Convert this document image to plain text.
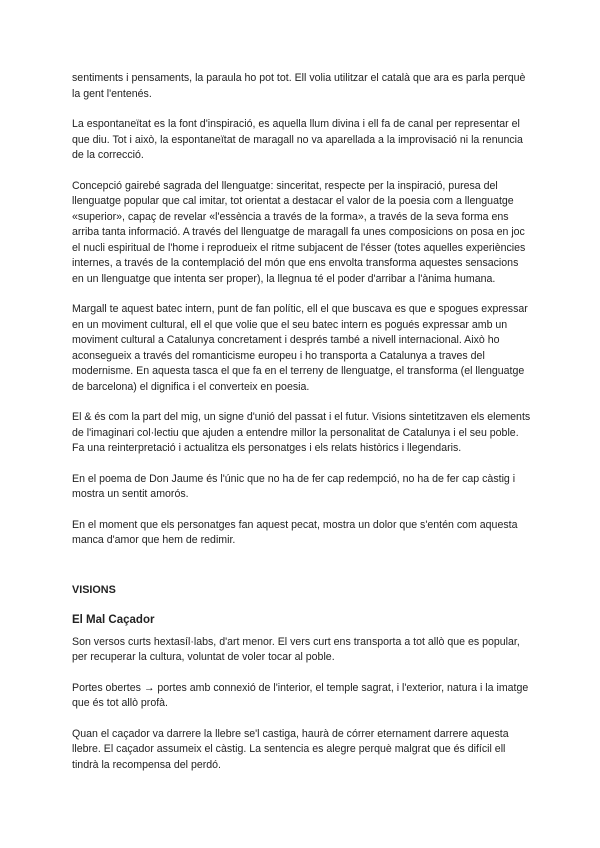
sentiments i pensaments, la paraula ho pot tot. Ell volia utilitzar el català que ara es parla perquè la gent l'entenés.

La espontaneïtat es la font d'inspiració, es aquella llum divina i ell fa de canal per representar el que diu. Tot i això, la espontaneïtat de maragall no va aparellada a la improvisació ni la renuncia de la correcció.

Concepció gairebé sagrada del llenguatge: sinceritat, respecte per la inspiració, puresa del llenguatge popular que cal imitar, tot orientat a destacar el valor de la poesia com a llenguatge «superior», capaç de revelar «l'essència a través de la forma», a través de la seva forma ens arriba tanta informació. A través del llenguatge de maragall fa unes composicions on posa en joc el nucli espiritual de l'home i reprodueix el ritme subjacent de l'ésser (totes aquelles experiències internes, a través de la contemplació del món que ens envolta transforma aquestes sensacions en un llenguatge que intenta ser proper), la llegnua té el poder d'arribar a l'ànima humana.

Margall te aquest batec intern, punt de fan polític, ell el que buscava es que e spogues expressar en un moviment cultural, ell el que volie que el seu batec intern es pogués expressar amb un moviment cultural a Catalunya concretament i després també a nivell internacional. Això ho aconsegueix a través del romanticisme europeu i ho transporta a Catalunya a traves del modernisme. En aquesta tasca el que fa en el terreny de llenguatge, el transforma (el llenguatge de barcelona) el dignifica i el converteix en poesia.

El & és com la part del mig, un signe d'unió del passat i el futur. Visions sintetitzaven els elements de l'imaginari col·lectiu que ajuden a entendre millor la personalitat de Catalunya i el seu poble. Fa una reinterpretació i actualitza els personatges i els relats històrics i llegendaris.

En el poema de Don Jaume és l'únic que no ha de fer cap redempció, no ha de fer cap càstig i mostra un sentit amorós.

En el moment que els personatges fan aquest pecat, mostra un dolor que s'entén com aquesta manca d'amor que hem de redimir.

VISIONS

El Mal Caçador

Son versos curts hextasíl·labs, d'art menor. El vers curt ens transporta a tot allò que es popular, per recuperar la cultura, voluntat de voler tocar al poble.

Portes obertes → portes amb connexió de l'interior, el temple sagrat, i l'exterior, natura i la imatge que és tot allò profà.

Quan el caçador va darrere la llebre se'l castiga, haurà de córrer eternament darrere aquesta llebre. El caçador assumeix el càstig. La sentencia es alegre perquè malgrat que és difícil ell tindrà la recompensa del perdó.
